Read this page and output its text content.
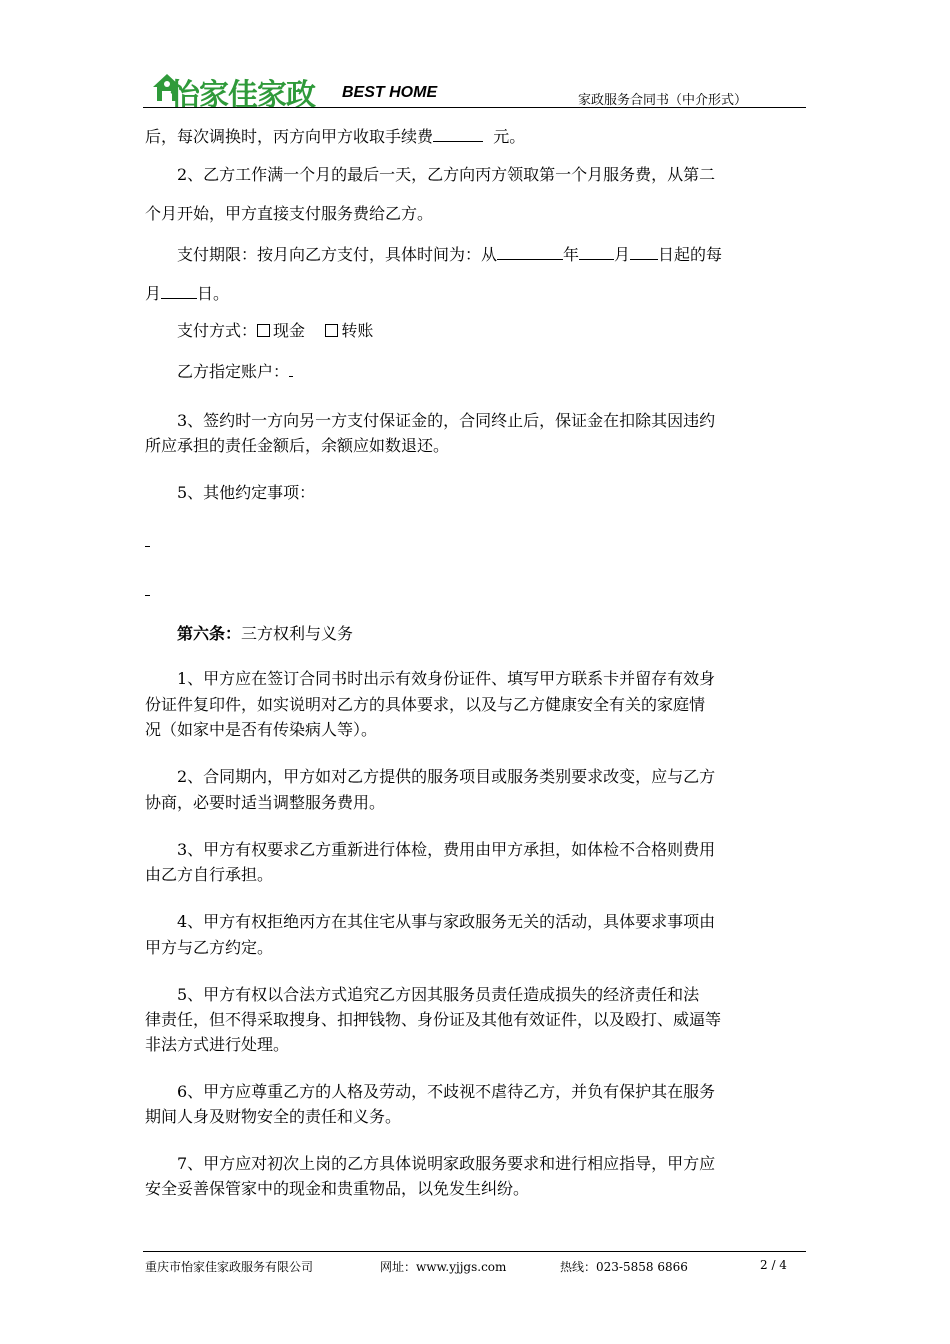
怡家佳家政 BEST HOME	家政服务合同书（中介形式）
后，每次调换时，丙方向甲方收取手续费	元。
2、乙方工作满一个月的最后一天，乙方向丙方领取第一个月服务费，从第二
个月开始，甲方直接支付服务费给乙方。
支付期限：按月向乙方支付，具体时间为：从	年 月 日起的每
月 日。
支付方式： 现金 转账
乙方指定账户：
3、签约时一方向另一方支付保证金的，合同终止后，保证金在扣除其因违约
所应承担的责任金额后，余额应如数退还。
5、其他约定事项：
第六条：三方权利与义务
1、甲方应在签订合同书时出示有效身份证件、填写甲方联系卡并留存有效身
份证件复印件，如实说明对乙方的具体要求，以及与乙方健康安全有关的家庭情
况（如家中是否有传染病人等）。
2、合同期内，甲方如对乙方提供的服务项目或服务类别要求改变，应与乙方
协商，必要时适当调整服务费用。
3、甲方有权要求乙方重新进行体检，费用由甲方承担，如体检不合格则费用
由乙方自行承担。
4、甲方有权拒绝丙方在其住宅从事与家政服务无关的活动，具体要求事项由
甲方与乙方约定。
5、甲方有权以合法方式追究乙方因其服务员责任造成损失的经济责任和法
律责任，但不得采取搜身、扣押钱物、身份证及其他有效证件，以及殴打、威逼等
非法方式进行处理。
6、甲方应尊重乙方的人格及劳动，不歧视不虐待乙方，并负有保护其在服务
期间人身及财物安全的责任和义务。
7、甲方应对初次上岗的乙方具体说明家政服务要求和进行相应指导，甲方应
安全妥善保管家中的现金和贵重物品，以免发生纠纷。
重庆市怡家佳家政服务有限公司	网址：www.yjjgs.com	热线：023-5858 6866	2 / 4
